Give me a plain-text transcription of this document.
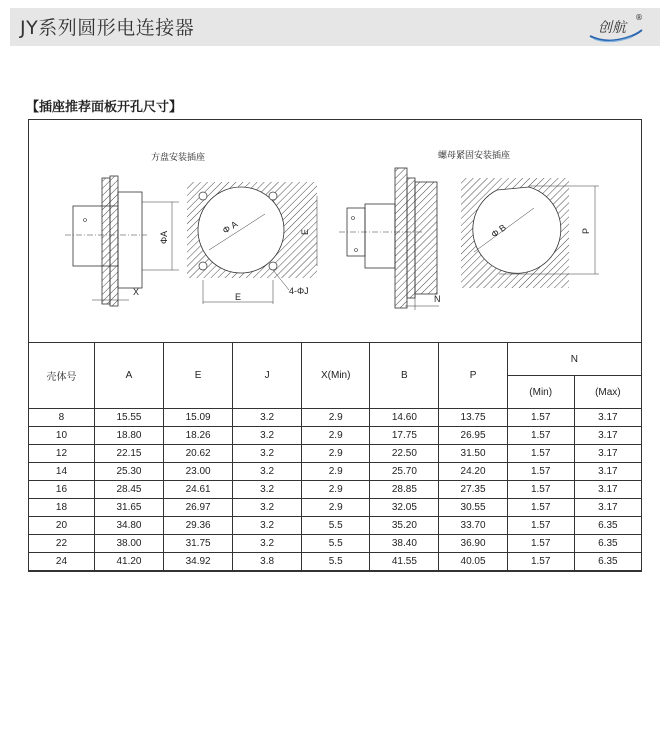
JY系列圆形电连接器	创航
®
【插座推荐面板开孔尺寸】
方盘安装插座	螺母紧固安装插座
ΦA
X
Φ A	E
E
4-ΦJ
N
Φ B	P
壳体号	A	E	J	X(Min)	B	P	N	
							(Min)	(Max)
8	15.55	15.09	3.2	2.9	14.60	13.75	1.57	3.17
10	18.80	18.26	3.2	2.9	17.75	26.95	1.57	3.17
12	22.15	20.62	3.2	2.9	22.50	31.50	1.57	3.17
14	25.30	23.00	3.2	2.9	25.70	24.20	1.57	3.17
16	28.45	24.61	3.2	2.9	28.85	27.35	1.57	3.17
18	31.65	26.97	3.2	2.9	32.05	30.55	1.57	3.17
20	34.80	29.36	3.2	5.5	35.20	33.70	1.57	6.35
22	38.00	31.75	3.2	5.5	38.40	36.90	1.57	6.35
24	41.20	34.92	3.8	5.5	41.55	40.05	1.57	6.35
